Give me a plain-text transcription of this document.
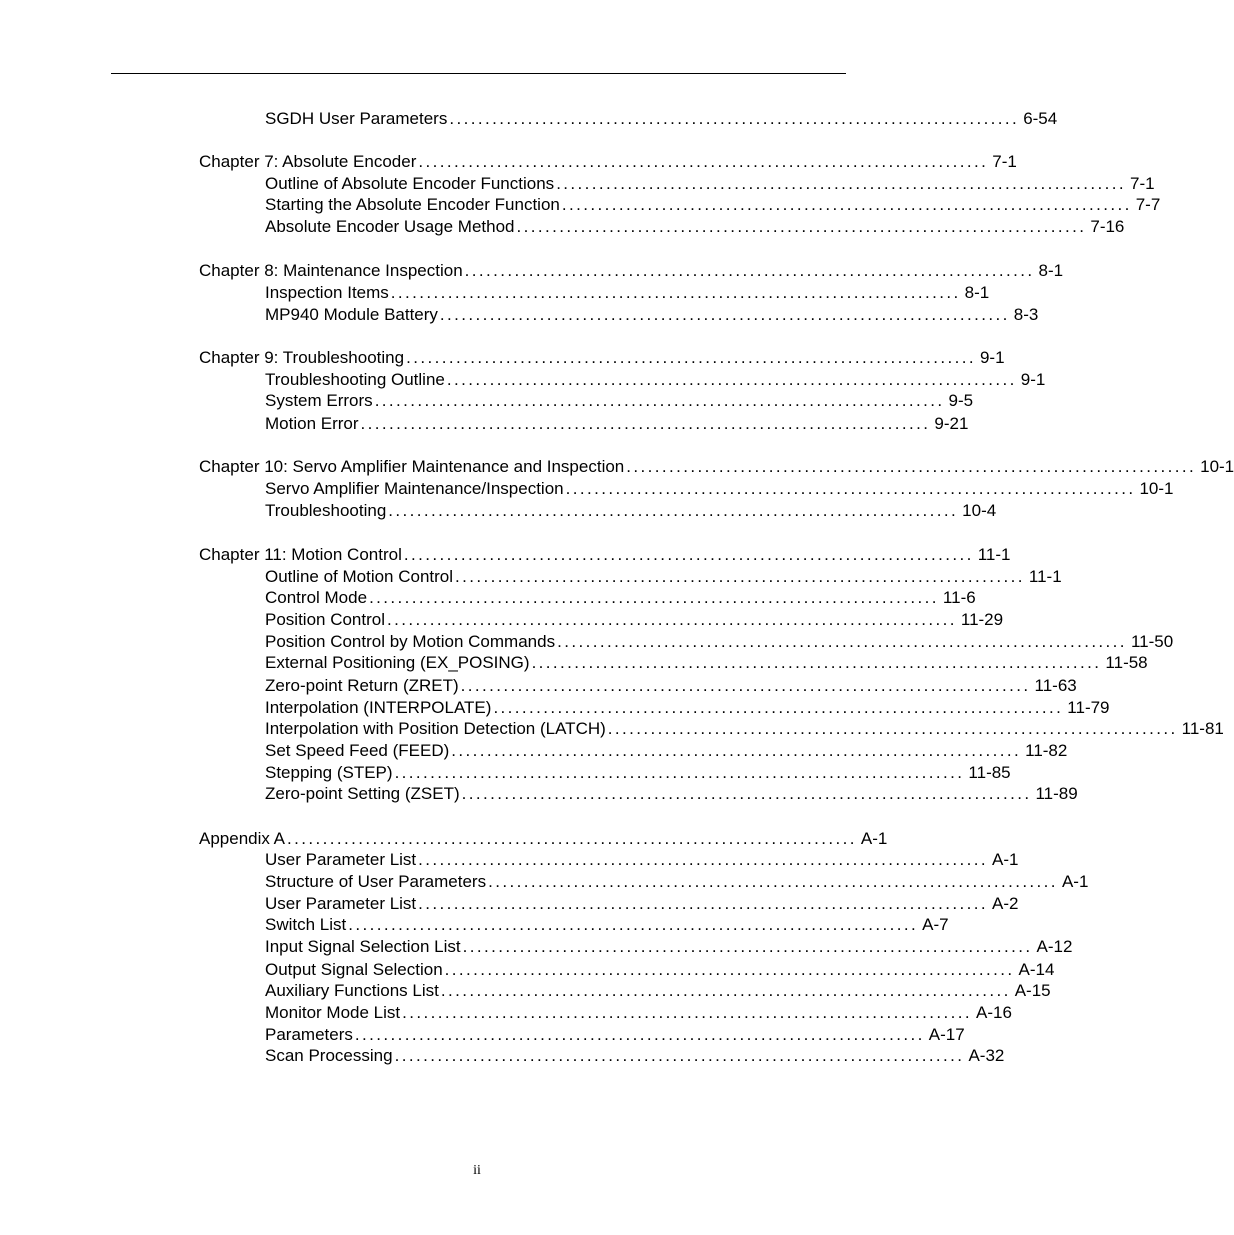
SGDH User Parameters ................................................................................ 6-54
Chapter 7: Absolute Encoder ................................................................................ 7-1
Outline of Absolute Encoder Functions ................................................................................ 7-1
Starting the Absolute Encoder Function ................................................................................ 7-7
Absolute Encoder Usage Method ................................................................................ 7-16
Chapter 8: Maintenance Inspection ................................................................................ 8-1
Inspection Items ................................................................................ 8-1
MP940 Module Battery ................................................................................ 8-3
Chapter 9: Troubleshooting ................................................................................ 9-1
Troubleshooting Outline ................................................................................ 9-1
System Errors ................................................................................ 9-5
Motion Error ................................................................................ 9-21
Chapter 10: Servo Amplifier Maintenance and Inspection ................................................................................ 10-1
Servo Amplifier Maintenance/Inspection ................................................................................ 10-1
Troubleshooting ................................................................................ 10-4
Chapter 11: Motion Control ................................................................................ 11-1
Outline of Motion Control ................................................................................ 11-1
Control Mode ................................................................................ 11-6
Position Control ................................................................................ 11-29
Position Control by Motion Commands ................................................................................ 11-50
External Positioning (EX_POSING) ................................................................................ 11-58
Zero-point Return (ZRET) ................................................................................ 11-63
Interpolation (INTERPOLATE) ................................................................................ 11-79
Interpolation with Position Detection (LATCH) ................................................................................ 11-81
Set Speed Feed (FEED) ................................................................................ 11-82
Stepping (STEP) ................................................................................ 11-85
Zero-point Setting (ZSET) ................................................................................ 11-89
Appendix A ................................................................................ A-1
User Parameter List ................................................................................ A-1
Structure of User Parameters ................................................................................ A-1
User Parameter List ................................................................................ A-2
Switch List ................................................................................ A-7
Input Signal Selection List ................................................................................ A-12
Output Signal Selection ................................................................................ A-14
Auxiliary Functions List ................................................................................ A-15
Monitor Mode List ................................................................................ A-16
Parameters ................................................................................ A-17
Scan Processing ................................................................................ A-32
ii
